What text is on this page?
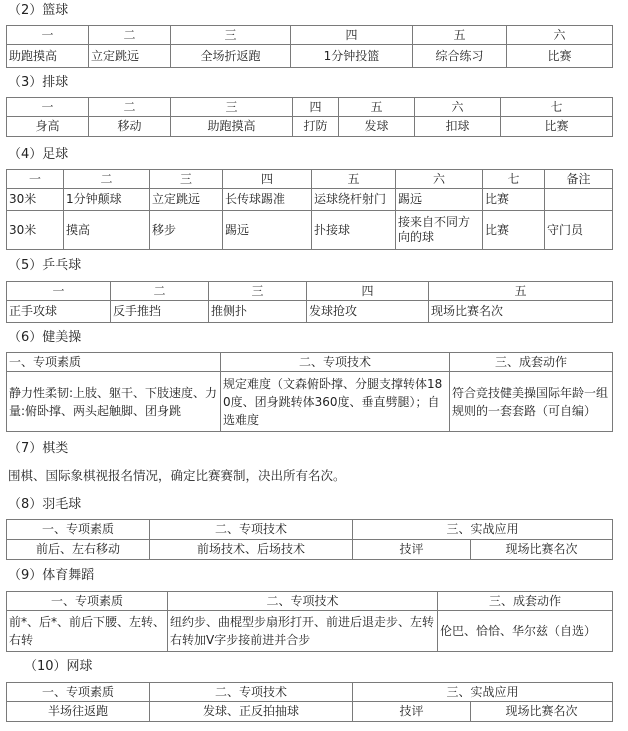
（2）篮球
一	二	三	四	五	六
助跑摸高	立定跳远	全场折返跑	1分钟投篮	综合练习	比赛
（3）排球
一	二	三	四	五	六	七
身高	移动	助跑摸高	打防	发球	扣球	比赛
（4）足球
一	二	三	四	五	六	七	备注
30米	1分钟颠球	立定跳远	长传球踢准	运球绕杆射门	踢远	比赛	
30米	摸高	移步	踢远	扑接球	接来自不同方向的球	比赛	守门员
（5）乒乓球
一	二	三	四	五
正手攻球	反手推挡	推侧扑	发球抢攻	现场比赛名次
（6）健美操
一、专项素质	二、专项技术	三、成套动作
静力性柔韧:上肢、躯干、下肢速度、力量:俯卧撑、两头起触脚、团身跳	规定难度（文森俯卧撑、分腿支撑转体180度、团身跳转体360度、垂直劈腿）；自选难度	符合竞技健美操国际年龄一组规则的一套套路（可自编）
（7）棋类
围棋、国际象棋视报名情况，确定比赛赛制，决出所有名次。
（8）羽毛球
一、专项素质	二、专项技术	三、实战应用	
前后、左右移动	前场技术、后场技术	技评	现场比赛名次
（9）体育舞蹈
一、专项素质	二、专项技术	三、成套动作
前*、后*、前后下腰、左转、右转	纽约步、曲棍型步扇形打开、前进后退走步、左转右转加V字步接前进并合步	伦巴、恰恰、华尔兹（自选）
（10）网球
一、专项素质	二、专项技术	三、实战应用	
半场往返跑	发球、正反拍抽球	技评	现场比赛名次
